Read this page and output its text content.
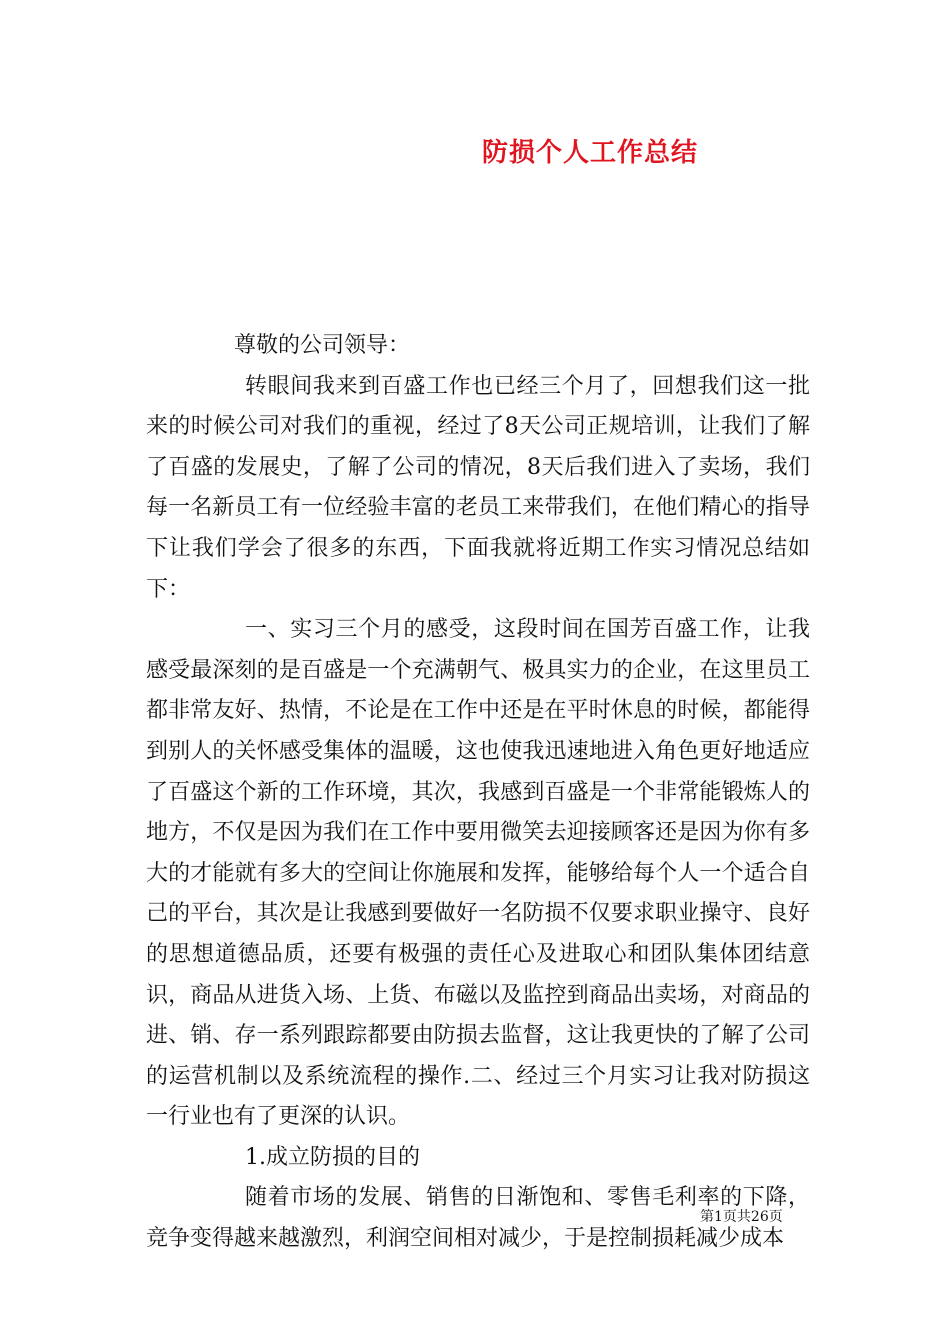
防损个人工作总结

尊敬的公司领导：

转眼间我来到百盛工作也已经三个月了，回想我们这一批来的时候公司对我们的重视，经过了8天公司正规培训，让我们了解了百盛的发展史，了解了公司的情况，8天后我们进入了卖场，我们每一名新员工有一位经验丰富的老员工来带我们，在他们精心的指导下让我们学会了很多的东西，下面我就将近期工作实习情况总结如下：

一、实习三个月的感受，这段时间在国芳百盛工作，让我感受最深刻的是百盛是一个充满朝气、极具实力的企业，在这里员工都非常友好、热情，不论是在工作中还是在平时休息的时候，都能得到别人的关怀感受集体的温暖，这也使我迅速地进入角色更好地适应了百盛这个新的工作环境，其次，我感到百盛是一个非常能锻炼人的地方，不仅是因为我们在工作中要用微笑去迎接顾客还是因为你有多大的才能就有多大的空间让你施展和发挥，能够给每个人一个适合自己的平台，其次是让我感到要做好一名防损不仅要求职业操守、良好的思想道德品质，还要有极强的责任心及进取心和团队集体团结意识，商品从进货入场、上货、布磁以及监控到商品出卖场，对商品的进、销、存一系列跟踪都要由防损去监督，这让我更快的了解了公司的运营机制以及系统流程的操作.二、经过三个月实习让我对防损这一行业也有了更深的认识。

1.成立防损的目的

随着市场的发展、销售的日渐饱和、零售毛利率的下降，竞争变得越来越激烈，利润空间相对减少，于是控制损耗减少成本

第1页共26页
